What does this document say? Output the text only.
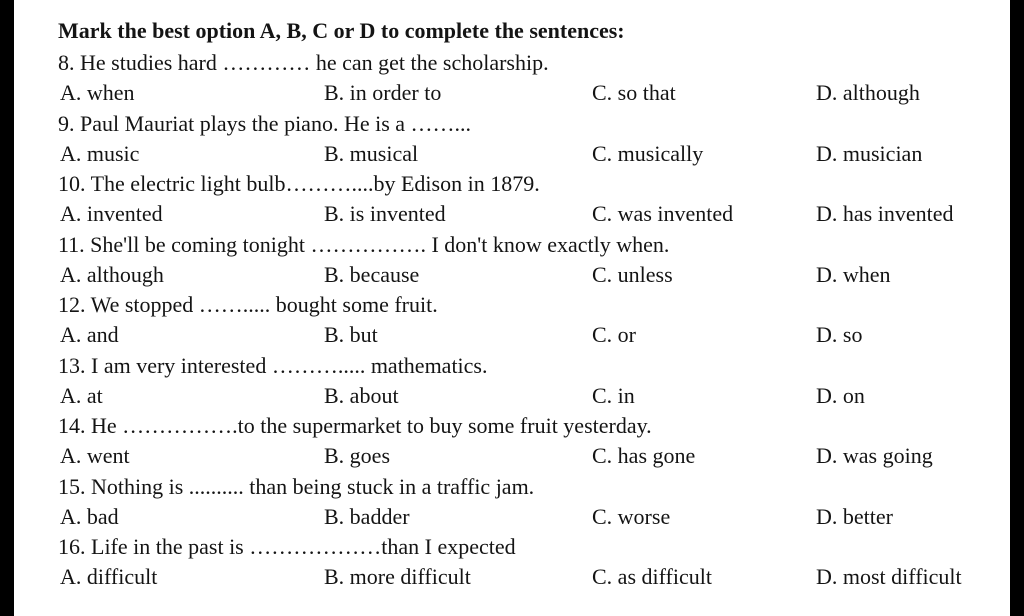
Mark the best option A, B, C or D to complete the sentences:
8. He studies hard ………… he can get the scholarship.
A. when	B. in order to	C. so that	D. although
9. Paul Mauriat plays the piano. He is a ……...
A. music	B. musical	C. musically	D. musician
10. The electric light bulb………....by Edison in 1879.
A. invented	B. is invented	C. was invented	D. has invented
11. She'll be coming tonight ……………. I don't know exactly when.
A. although	B. because	C. unless	D. when
12. We stopped ……..... bought some fruit.
A. and	B. but	C. or	D. so
13. I am very interested ………..... mathematics.
A. at	B. about	C. in	D. on
14. He …………….to the supermarket to buy some fruit yesterday.
A. went	B. goes	C. has gone	D. was going
15. Nothing is .......... than being stuck in a traffic jam.
A. bad	B. badder	C. worse	D. better
16. Life in the past is ………………than I expected
A. difficult	B. more difficult	C. as difficult	D. most difficult
